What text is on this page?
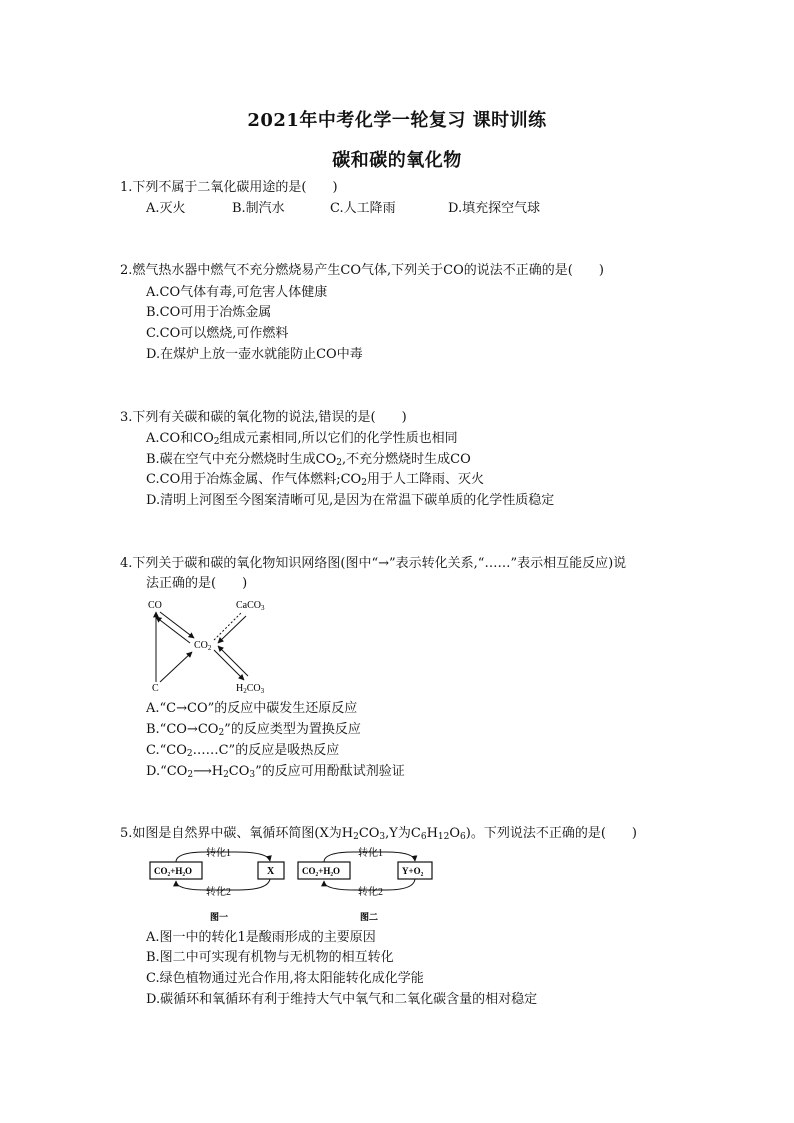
2021年中考化学一轮复习 课时训练
碳和碳的氧化物
1.下列不属于二氧化碳用途的是(　　)
A.灭火	B.制汽水	C.人工降雨	D.填充探空气球
2.燃气热水器中燃气不充分燃烧易产生CO气体,下列关于CO的说法不正确的是(　　)
A.CO气体有毒,可危害人体健康
B.CO可用于冶炼金属
C.CO可以燃烧,可作燃料
D.在煤炉上放一壶水就能防止CO中毒
3.下列有关碳和碳的氧化物的说法,错误的是(　　)
A.CO和$CO_2$组成元素相同,所以它们的化学性质也相同
B.碳在空气中充分燃烧时生成$CO_2$,不充分燃烧时生成CO
C.CO用于冶炼金属、作气体燃料$;CO_2$用于人工降雨、灭火
D.清明上河图至今图案清晰可见,是因为在常温下碳单质的化学性质稳定
4.下列关于碳和碳的氧化物知识网络图(图中“→”表示转化关系,“……”表示相互能反应)说
法正确的是(　　)
CO	CaCO$_3$
$CO_2$
C	$H_2CO_3$
A.“C→CO”的反应中碳发生还原反应
$B.“CO\to CO_2$”的反应类型为置换反应
$C.“CO_2\dots\dots C$”的反应是吸热反应
$D.“CO_2⟶H_2CO_3$”的反应可用酚酞试剂验证
5.如图是自然界中碳、氧循环简图(X为$H_2CO_3,Y$为$C_6H_{12}O_6$)。下列说法不正确的是(　　)
转化1
CO₂+H₂O	X
转化2
图一
转化1
CO₂+H₂O	Y+O₂
转化2
图二
A.图一中的转化1是酸雨形成的主要原因
B.图二中可实现有机物与无机物的相互转化
C.绿色植物通过光合作用,将太阳能转化成化学能
D.碳循环和氧循环有利于维持大气中氧气和二氧化碳含量的相对稳定
